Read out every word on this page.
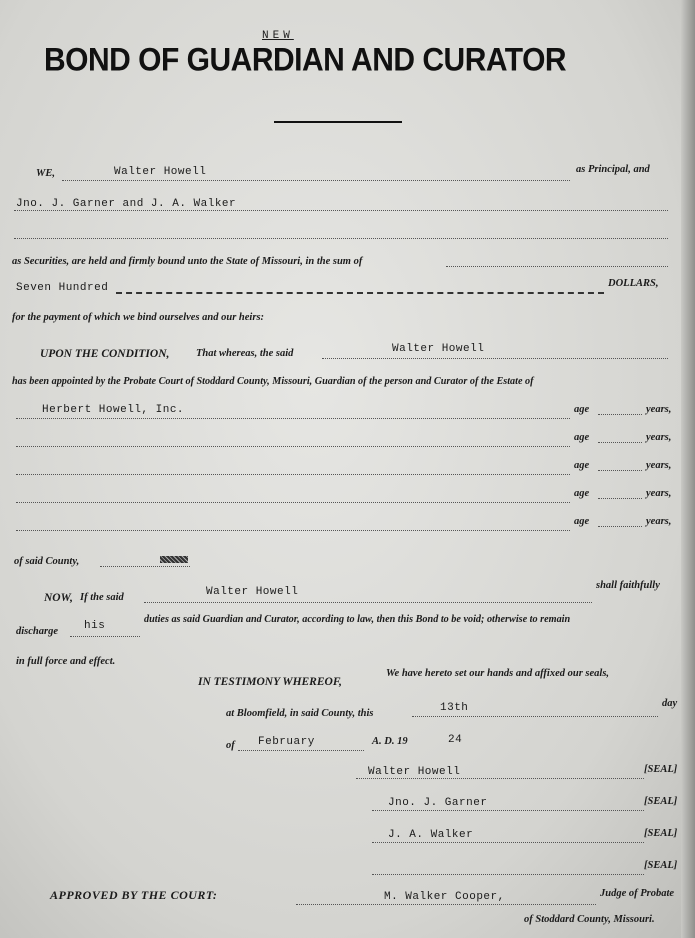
NEW
BOND OF GUARDIAN AND CURATOR
WE,	Walter Howell	as Principal, and
Jno. J. Garner and J. A. Walker
as Securities, are held and firmly bound unto the State of Missouri, in the sum of
Seven Hundred	DOLLARS,
for the payment of which we bind ourselves and our heirs:
UPON THE CONDITION,	That whereas, the said	Walter Howell
has been appointed by the Probate Court of Stoddard County, Missouri, Guardian of the person and Curator of the Estate of
Herbert Howell, Inc.	age	years,
age	years,
age	years,
age	years,
age	years,
of said County,
NOW, If the said	Walter Howell
shall faithfully
discharge his
duties as said Guardian and Curator, according to law, then this Bond to be void; otherwise to remain
in full force and effect.
IN TESTIMONY WHEREOF,
We have hereto set our hands and affixed our seals,
at Bloomfield, in said County, this	13th	day
of February	A. D. 19	24
Walter Howell	[SEAL]
Jno. J. Garner	[SEAL]
J. A. Walker	[SEAL]
[SEAL]
APPROVED BY THE COURT:	M. Walker Cooper,	Judge of Probate
of Stoddard County, Missouri.
